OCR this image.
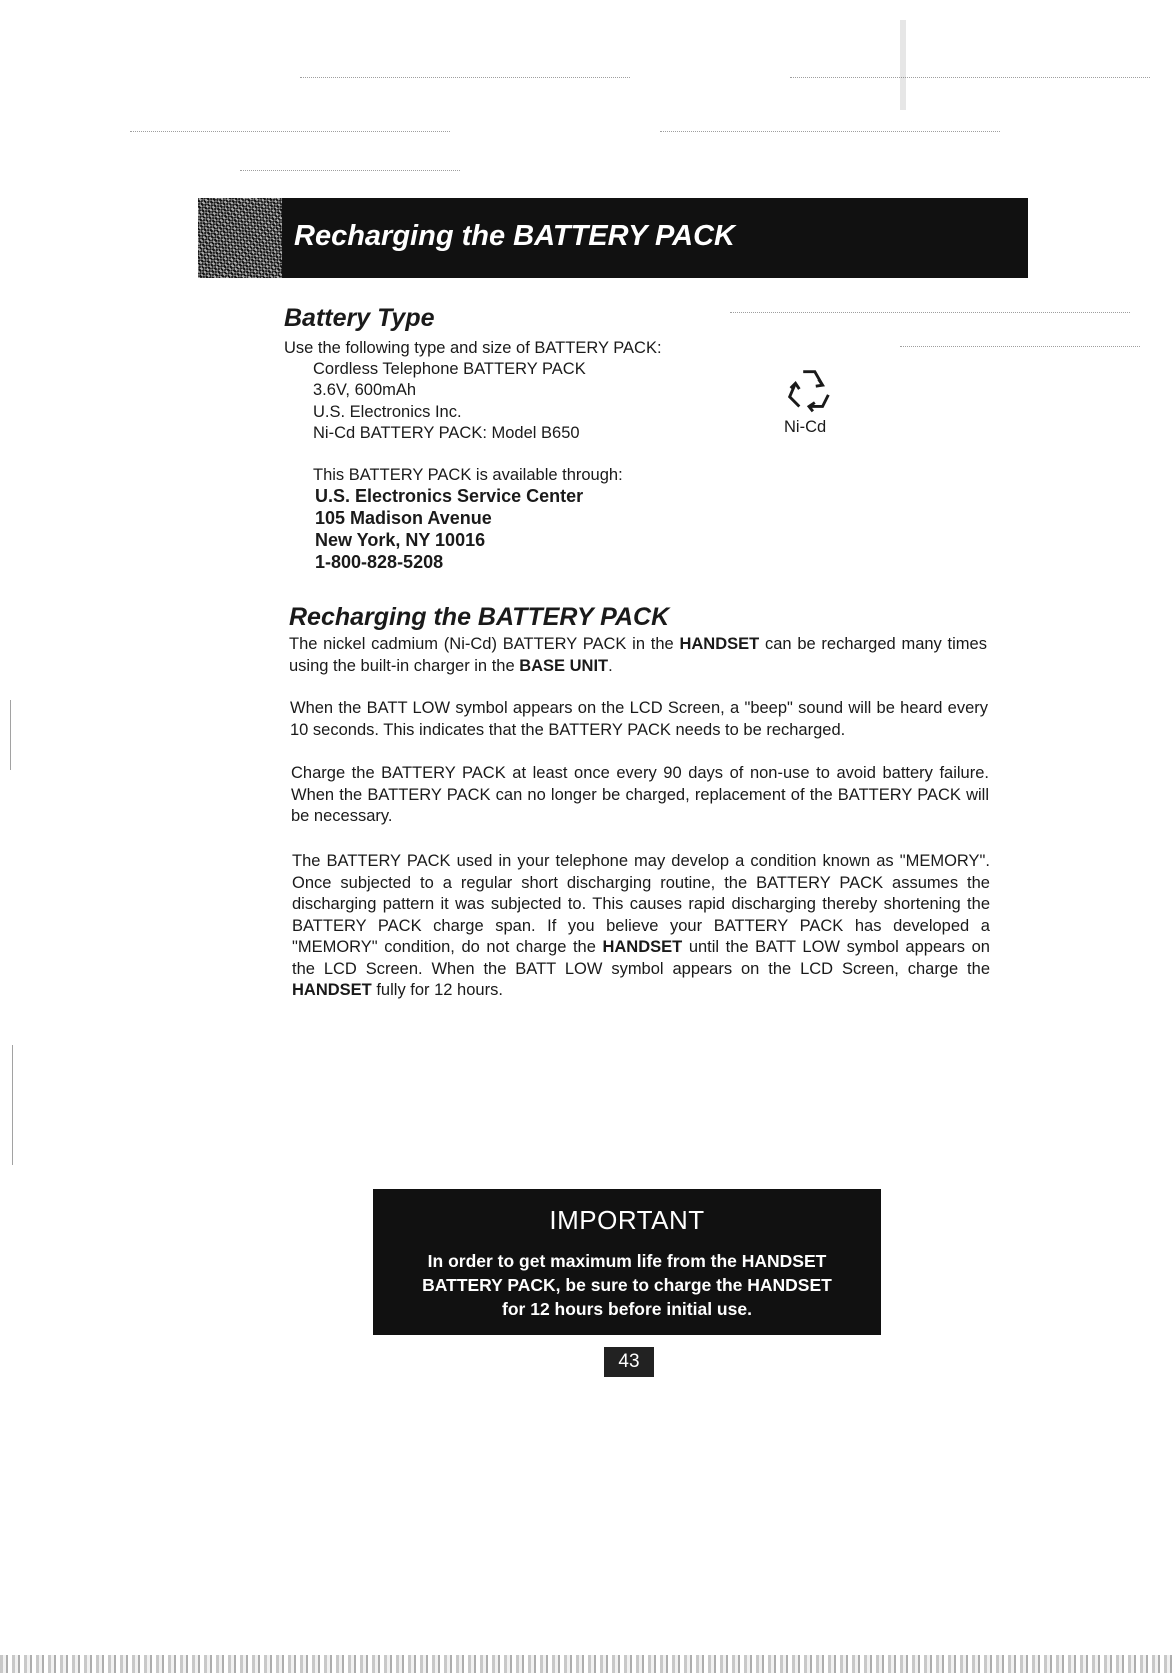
Recharging the BATTERY PACK
Battery Type
Use the following type and size of BATTERY PACK:
Cordless Telephone BATTERY PACK
3.6V, 600mAh
U.S. Electronics Inc.
Ni-Cd BATTERY PACK: Model B650	Ni-Cd
This BATTERY PACK is available through:
U.S. Electronics Service Center
105 Madison Avenue
New York, NY 10016
1-800-828-5208
Recharging the BATTERY PACK
The nickel cadmium (Ni-Cd) BATTERY PACK in the HANDSET can be recharged many times using the built-in charger in the BASE UNIT.
When the BATT LOW symbol appears on the LCD Screen, a "beep" sound will be heard every 10 seconds. This indicates that the BATTERY PACK needs to be recharged.
Charge the BATTERY PACK at least once every 90 days of non-use to avoid battery failure. When the BATTERY PACK can no longer be charged, replacement of the BATTERY PACK will be necessary.
The BATTERY PACK used in your telephone may develop a condition known as "MEMORY". Once subjected to a regular short discharging routine, the BATTERY PACK assumes the discharging pattern it was subjected to. This causes rapid discharging thereby shortening the BATTERY PACK charge span. If you believe your BATTERY PACK has developed a "MEMORY" condition, do not charge the HANDSET until the BATT LOW symbol appears on the LCD Screen. When the BATT LOW symbol appears on the LCD Screen, charge the HANDSET fully for 12 hours.
IMPORTANT
In order to get maximum life from the HANDSET
BATTERY PACK, be sure to charge the HANDSET
for 12 hours before initial use.
43
